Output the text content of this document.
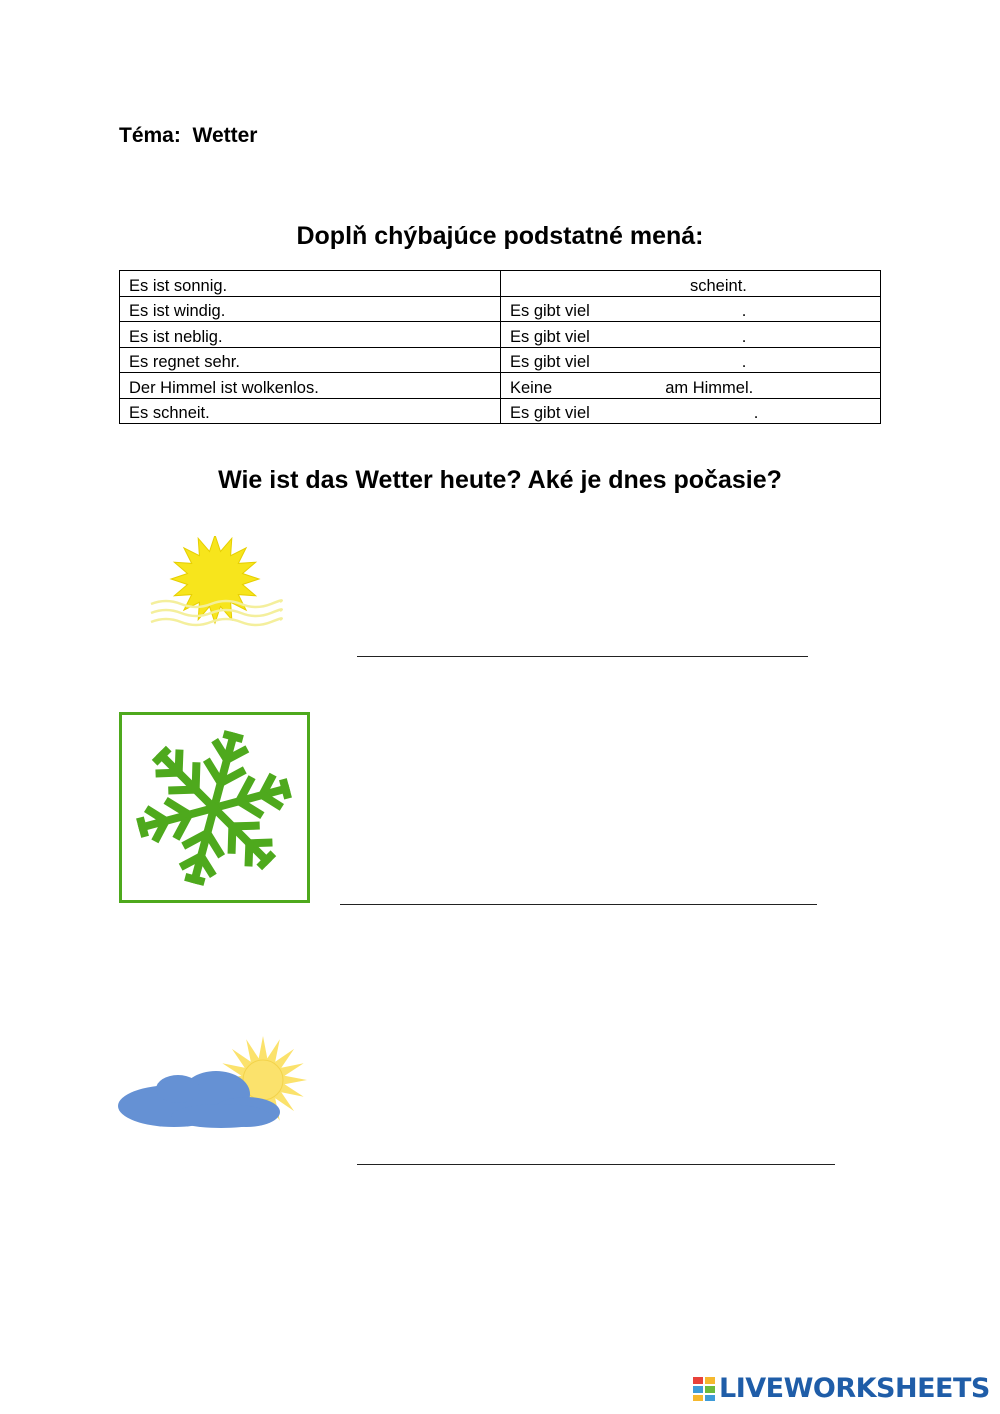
Téma:  Wetter
Doplň chýbajúce podstatné mená:
Es ist sonnig.	scheint.
Es ist windig.	Es gibt viel .
Es ist neblig.	Es gibt viel .
Es regnet sehr.	Es gibt viel .
Der Himmel ist wolkenlos.	Keine am Himmel.
Es schneit.	Es gibt viel .
Wie ist das Wetter heute? Aké je dnes počasie?
LIVEWORKSHEETS
